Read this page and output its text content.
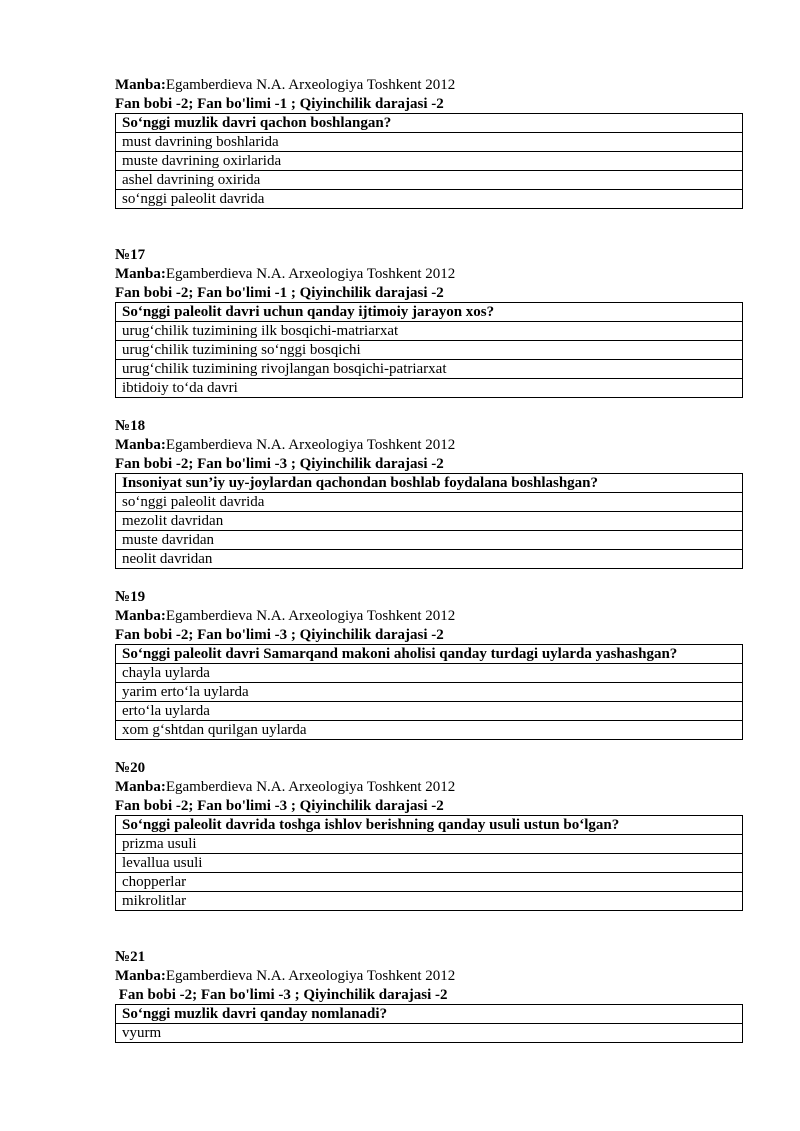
Manba:Egamberdieva N.A. Arxeologiya Toshkent 2012
Fan bobi -2; Fan bo'limi -1 ; Qiyinchilik darajasi -2
So‘nggi muzlik davri qachon boshlangan?
must davrining boshlarida
muste davrining oxirlarida
ashel davrining oxirida
so‘nggi paleolit davrida
№17
Manba:Egamberdieva N.A. Arxeologiya Toshkent 2012
Fan bobi -2; Fan bo'limi -1 ; Qiyinchilik darajasi -2
So‘nggi paleolit davri uchun qanday ijtimoiy jarayon xos?
urug‘chilik tuzimining ilk bosqichi-matriarxat
urug‘chilik tuzimining so‘nggi bosqichi
urug‘chilik tuzimining rivojlangan bosqichi-patriarxat
ibtidoiy to‘da davri
№18
Manba:Egamberdieva N.A. Arxeologiya Toshkent 2012
Fan bobi -2; Fan bo'limi -3 ; Qiyinchilik darajasi -2
Insoniyat sun’iy uy-joylardan qachondan boshlab foydalana boshlashgan?
so‘nggi paleolit davrida
mezolit davridan
muste davridan
neolit davridan
№19
Manba:Egamberdieva N.A. Arxeologiya Toshkent 2012
Fan bobi -2; Fan bo'limi -3 ; Qiyinchilik darajasi -2
So‘nggi paleolit davri Samarqand makoni aholisi qanday turdagi uylarda yashashgan?
chayla uylarda
yarim erto‘la uylarda
erto‘la uylarda
xom g‘shtdan qurilgan uylarda
№20
Manba:Egamberdieva N.A. Arxeologiya Toshkent 2012
Fan bobi -2; Fan bo'limi -3 ; Qiyinchilik darajasi -2
So‘nggi paleolit davrida toshga ishlov berishning qanday usuli ustun bo‘lgan?
prizma usuli
levallua usuli
chopperlar
mikrolitlar
№21
Manba:Egamberdieva N.A. Arxeologiya Toshkent 2012
Fan bobi -2; Fan bo'limi -3 ; Qiyinchilik darajasi -2
So‘nggi muzlik davri qanday nomlanadi?
vyurm
